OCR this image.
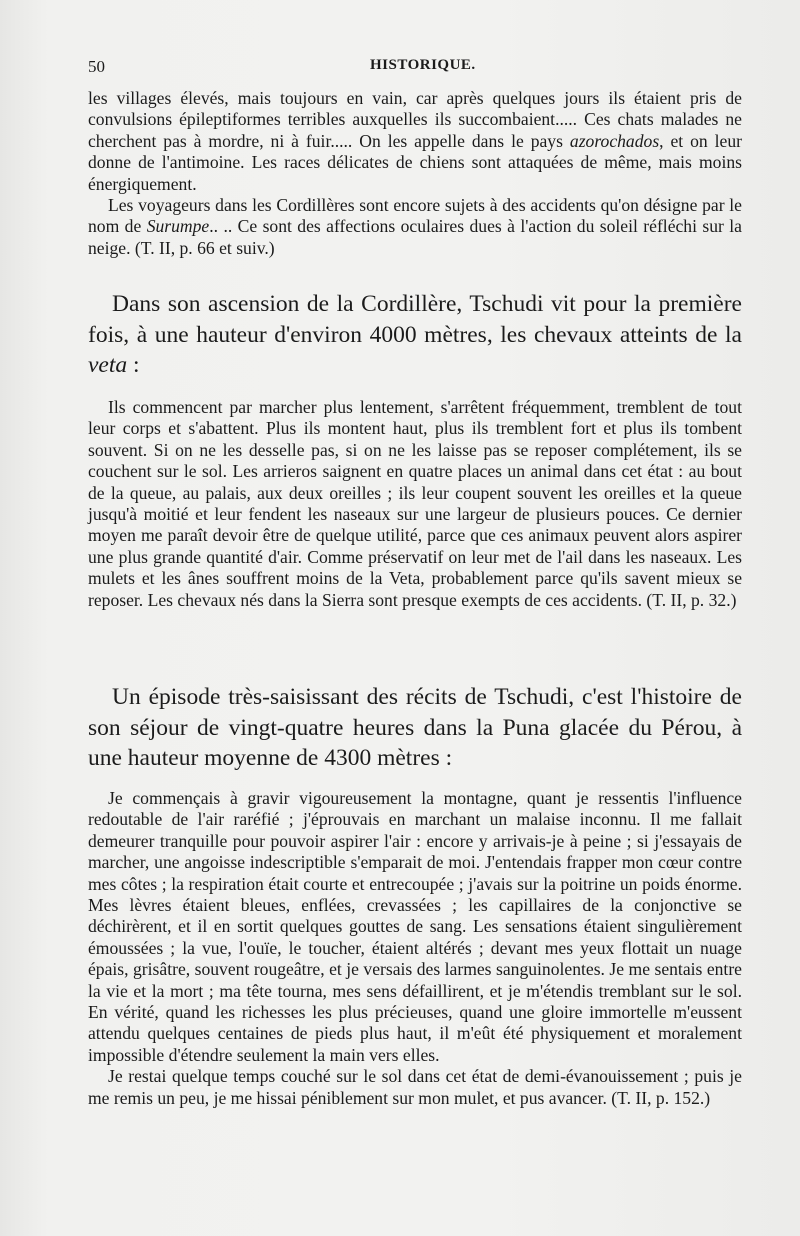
50	HISTORIQUE.

les villages élevés, mais toujours en vain, car après quelques jours ils étaient pris de convulsions épileptiformes terribles auxquelles ils succombaient..... Ces chats malades ne cherchent pas à mordre, ni à fuir..... On les appelle dans le pays azorochados, et on leur donne de l'antimoine. Les races délicates de chiens sont attaquées de même, mais moins énergiquement.

Les voyageurs dans les Cordillères sont encore sujets à des accidents qu'on désigne par le nom de Surumpe.. .. Ce sont des affections oculaires dues à l'action du soleil réfléchi sur la neige. (T. II, p. 66 et suiv.)

Dans son ascension de la Cordillère, Tschudi vit pour la première fois, à une hauteur d'environ 4000 mètres, les chevaux atteints de la veta :

Ils commencent par marcher plus lentement, s'arrêtent fréquemment, tremblent de tout leur corps et s'abattent. Plus ils montent haut, plus ils tremblent fort et plus ils tombent souvent. Si on ne les desselle pas, si on ne les laisse pas se reposer complétement, ils se couchent sur le sol. Les arrieros saignent en quatre places un animal dans cet état : au bout de la queue, au palais, aux deux oreilles ; ils leur coupent souvent les oreilles et la queue jusqu'à moitié et leur fendent les naseaux sur une largeur de plusieurs pouces. Ce dernier moyen me paraît devoir être de quelque utilité, parce que ces animaux peuvent alors aspirer une plus grande quantité d'air. Comme préservatif on leur met de l'ail dans les naseaux. Les mulets et les ânes souffrent moins de la Veta, probablement parce qu'ils savent mieux se reposer. Les chevaux nés dans la Sierra sont presque exempts de ces accidents. (T. II, p. 32.)

Un épisode très-saisissant des récits de Tschudi, c'est l'histoire de son séjour de vingt-quatre heures dans la Puna glacée du Pérou, à une hauteur moyenne de 4300 mètres :

Je commençais à gravir vigoureusement la montagne, quant je ressentis l'influence redoutable de l'air raréfié ; j'éprouvais en marchant un malaise inconnu. Il me fallait demeurer tranquille pour pouvoir aspirer l'air : encore y arrivais-je à peine ; si j'essayais de marcher, une angoisse indescriptible s'emparait de moi. J'entendais frapper mon cœur contre mes côtes ; la respiration était courte et entrecoupée ; j'avais sur la poitrine un poids énorme. Mes lèvres étaient bleues, enflées, crevassées ; les capillaires de la conjonctive se déchirèrent, et il en sortit quelques gouttes de sang. Les sensations étaient singulièrement émoussées ; la vue, l'ouïe, le toucher, étaient altérés ; devant mes yeux flottait un nuage épais, grisâtre, souvent rougeâtre, et je versais des larmes sanguinolentes. Je me sentais entre la vie et la mort ; ma tête tourna, mes sens défaillirent, et je m'étendis tremblant sur le sol. En vérité, quand les richesses les plus précieuses, quand une gloire immortelle m'eussent attendu quelques centaines de pieds plus haut, il m'eût été physiquement et moralement impossible d'étendre seulement la main vers elles.

Je restai quelque temps couché sur le sol dans cet état de demi-évanouissement ; puis je me remis un peu, je me hissai péniblement sur mon mulet, et pus avancer. (T. II, p. 152.)
